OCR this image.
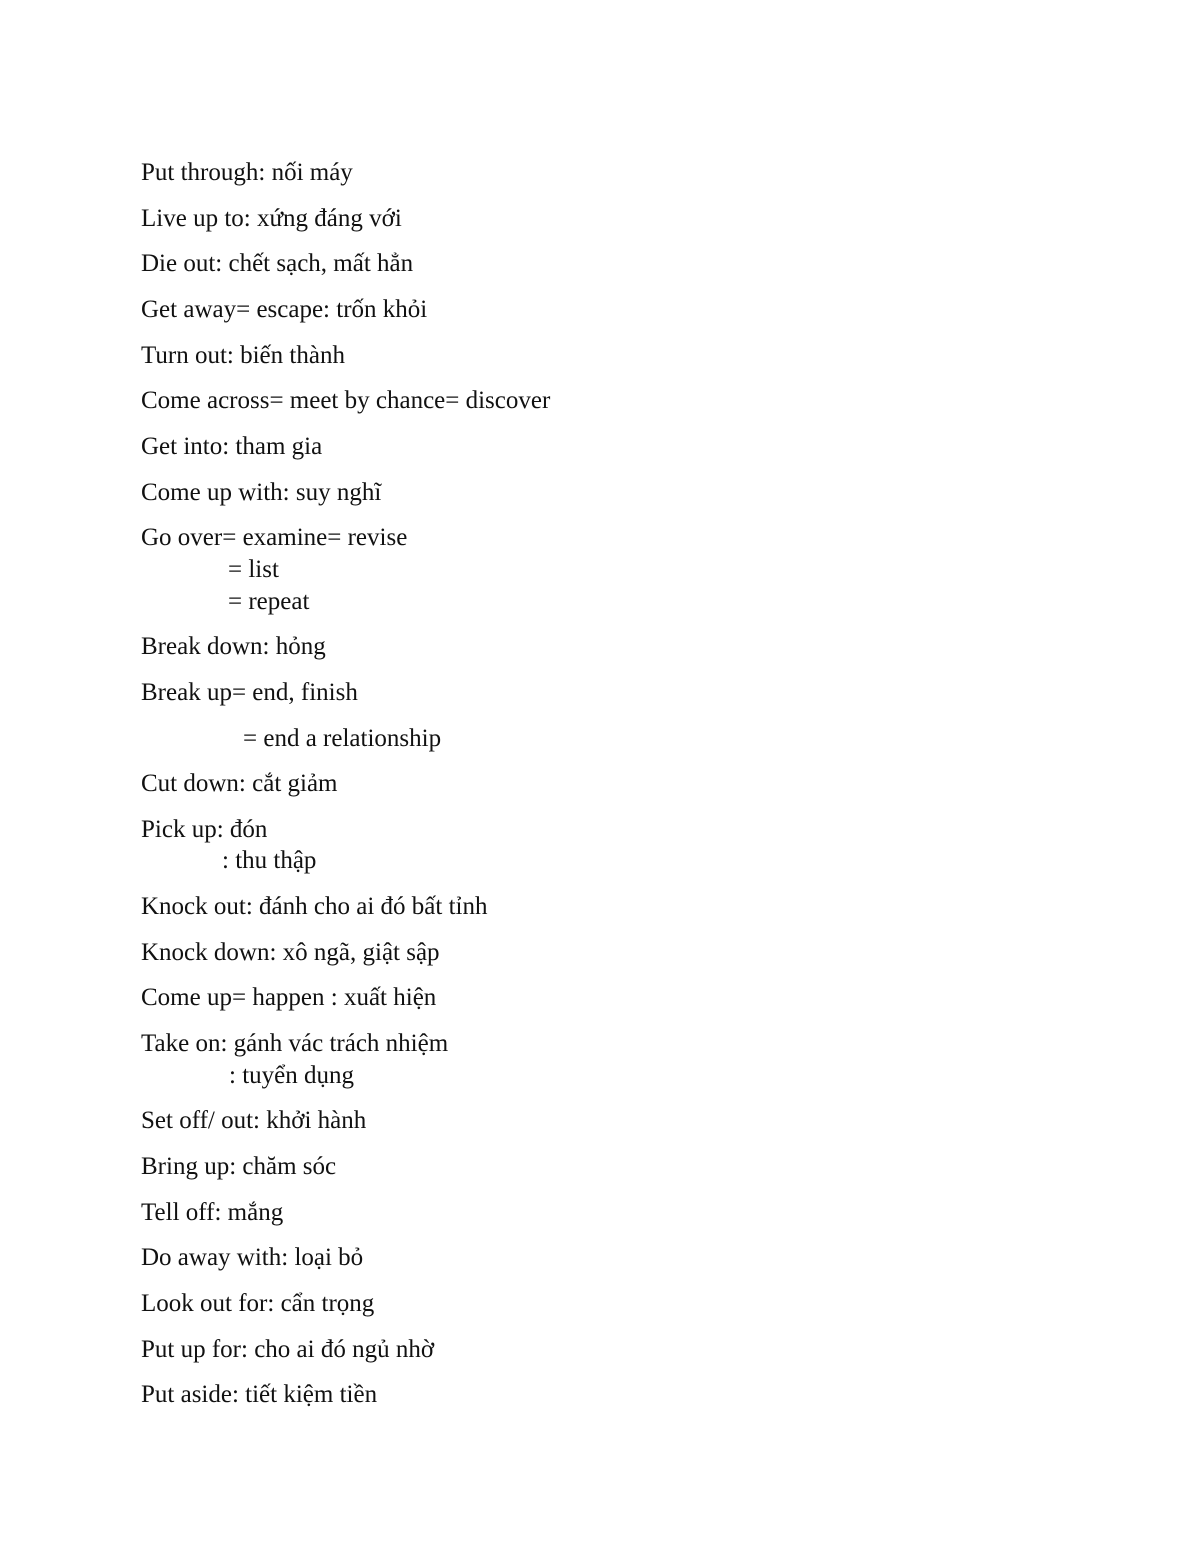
Put through: nối máy
Live up to: xứng đáng với
Die out: chết sạch, mất hẳn
Get away= escape: trốn khỏi
Turn out: biến thành
Come across= meet by chance= discover
Get into: tham gia
Come up with: suy nghĩ
Go over= examine= revise
= list
= repeat
Break down: hỏng
Break up= end, finish
= end a relationship
Cut down: cắt giảm
Pick up: đón
: thu thập
Knock out: đánh cho ai đó bất tỉnh
Knock down: xô ngã, giật sập
Come up= happen : xuất hiện
Take on: gánh vác trách nhiệm
: tuyển dụng
Set off/ out: khởi hành
Bring up: chăm sóc
Tell off: mắng
Do away with: loại bỏ
Look out for: cẩn trọng
Put up for: cho ai đó ngủ nhờ
Put aside: tiết kiệm tiền
